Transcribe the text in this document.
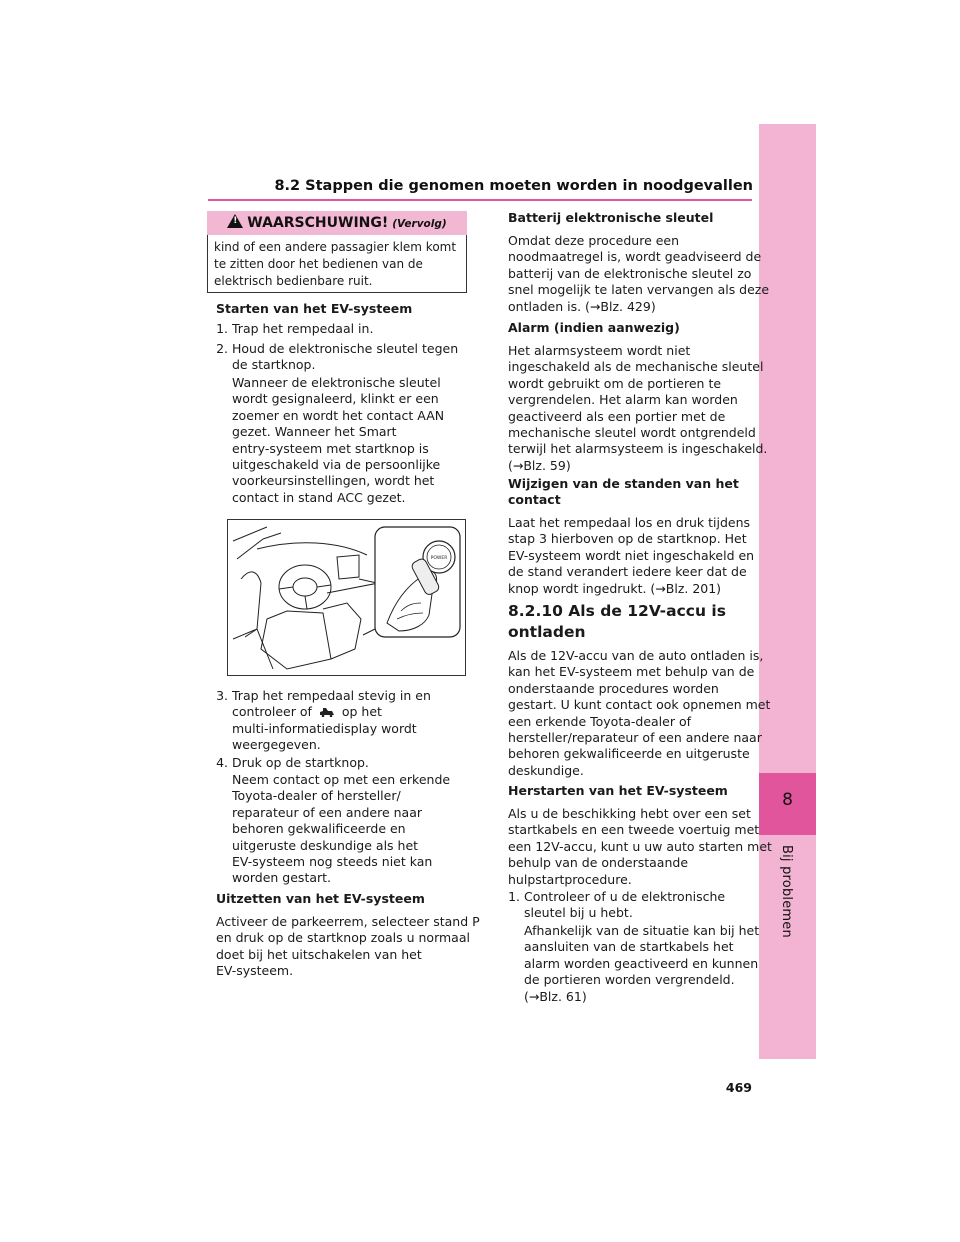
8
Bij problemen
8.2 Stappen die genomen moeten worden in noodgevallen
!WAARSCHUWING! (Vervolg)
kind of een andere passagier klem komt
te zitten door het bedienen van de
elektrisch bedienbare ruit.
Starten van het EV-systeem
1. Trap het rempedaal in.
2. Houd de elektronische sleutel tegen
de startknop.
Wanneer de elektronische sleutel
wordt gesignaleerd, klinkt er een
zoemer en wordt het contact AAN
gezet. Wanneer het Smart
entry-systeem met startknop is
uitgeschakeld via de persoonlijke
voorkeursinstellingen, wordt het
contact in stand ACC gezet.
POWER
3. Trap het rempedaal stevig in en
controleer of op het
multi-informatiedisplay wordt
weergegeven.
4. Druk op de startknop.
Neem contact op met een erkende
Toyota-dealer of hersteller/
reparateur of een andere naar
behoren gekwalificeerde en
uitgeruste deskundige als het
EV-systeem nog steeds niet kan
worden gestart.
Uitzetten van het EV-systeem
Activeer de parkeerrem, selecteer stand P
en druk op de startknop zoals u normaal
doet bij het uitschakelen van het
EV-systeem.
Batterij elektronische sleutel
Omdat deze procedure een
noodmaatregel is, wordt geadviseerd de
batterij van de elektronische sleutel zo
snel mogelijk te laten vervangen als deze
ontladen is. (→Blz. 429)
Alarm (indien aanwezig)
Het alarmsysteem wordt niet
ingeschakeld als de mechanische sleutel
wordt gebruikt om de portieren te
vergrendelen. Het alarm kan worden
geactiveerd als een portier met de
mechanische sleutel wordt ontgrendeld
terwijl het alarmsysteem is ingeschakeld.
(→Blz. 59)
Wijzigen van de standen van het
contact
Laat het rempedaal los en druk tijdens
stap 3 hierboven op de startknop. Het
EV-systeem wordt niet ingeschakeld en
de stand verandert iedere keer dat de
knop wordt ingedrukt. (→Blz. 201)
8.2.10 Als de 12V-accu is
ontladen
Als de 12V-accu van de auto ontladen is,
kan het EV-systeem met behulp van de
onderstaande procedures worden
gestart. U kunt contact ook opnemen met
een erkende Toyota-dealer of
hersteller/reparateur of een andere naar
behoren gekwalificeerde en uitgeruste
deskundige.
Herstarten van het EV-systeem
Als u de beschikking hebt over een set
startkabels en een tweede voertuig met
een 12V-accu, kunt u uw auto starten met
behulp van de onderstaande
hulpstartprocedure.
1. Controleer of u de elektronische
sleutel bij u hebt.
Afhankelijk van de situatie kan bij het
aansluiten van de startkabels het
alarm worden geactiveerd en kunnen
de portieren worden vergrendeld.
(→Blz. 61)
469
